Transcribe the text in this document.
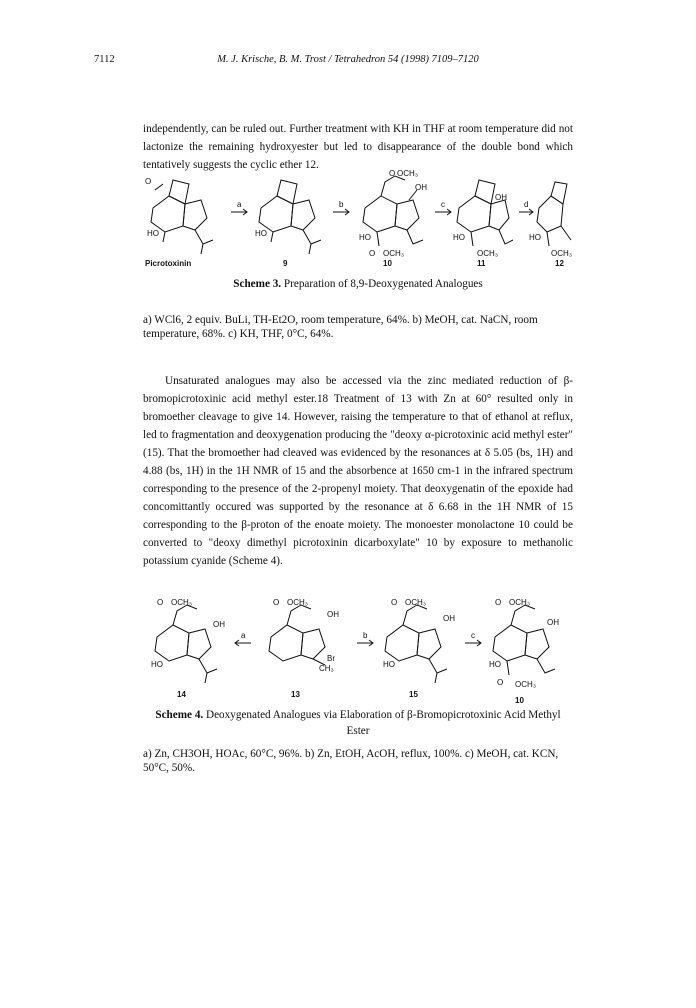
7112	M. J. Krische, B. M. Trost / Tetrahedron 54 (1998) 7109–7120
independently, can be ruled out. Further treatment with KH in THF at room temperature did not lactonize the remaining hydroxyester but led to disappearance of the double bond which tentatively suggests the cyclic ether 12.
a	b	c	d
O
HO	HO	HO
O OCH₃
OH
O OCH₃
HO
OH
OCH₃
HO
OCH₃
Picrotoxinin	9	10	11	12
Scheme 3. Preparation of 8,9-Deoxygenated Analogues
a) WCl6, 2 equiv. BuLi, TH-Et2O, room temperature, 64%. b) MeOH, cat. NaCN, room temperature, 68%. c) KH, THF, 0°C, 64%.
Unsaturated analogues may also be accessed via the zinc mediated reduction of β-bromopicrotoxinic acid methyl ester.18 Treatment of 13 with Zn at 60° resulted only in bromoether cleavage to give 14. However, raising the temperature to that of ethanol at reflux, led to fragmentation and deoxygenation producing the "deoxy α-picrotoxinic acid methyl ester" (15). That the bromoether had cleaved was evidenced by the resonances at δ 5.05 (bs, 1H) and 4.88 (bs, 1H) in the 1H NMR of 15 and the absorbence at 1650 cm-1 in the infrared spectrum corresponding to the presence of the 2-propenyl moiety. That deoxygenatin of the epoxide had concomittantly occured was supported by the resonance at δ 6.68 in the 1H NMR of 15 corresponding to the β-proton of the enoate moiety. The monoester monolactone 10 could be converted to "deoxy dimethyl picrotoxinin dicarboxylate" 10 by exposure to methanolic potassium cyanide (Scheme 4).
a	b	c
O OCH₃
OH
HO
O OCH₃
OH
Br
CH₃
O OCH₃
OH
HO
O OCH₃
OH
HO
O OCH₃
14	13	15
10
Scheme 4. Deoxygenated Analogues via Elaboration of β-Bromopicrotoxinic Acid Methyl Ester
a) Zn, CH3OH, HOAc, 60°C, 96%. b) Zn, EtOH, AcOH, reflux, 100%. c) MeOH, cat. KCN, 50°C, 50%.
